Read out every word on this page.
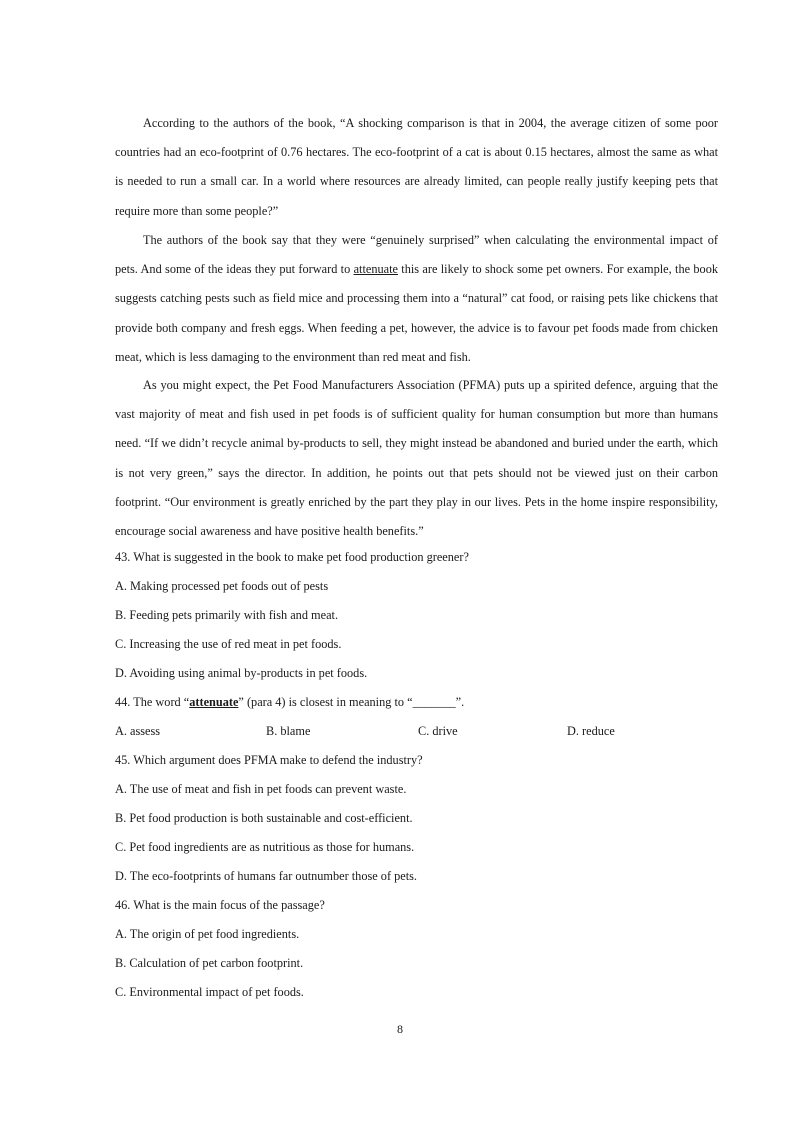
According to the authors of the book, “A shocking comparison is that in 2004, the average citizen of some poor countries had an eco-footprint of 0.76 hectares. The eco-footprint of a cat is about 0.15 hectares, almost the same as what is needed to run a small car. In a world where resources are already limited, can people really justify keeping pets that require more than some people?”

The authors of the book say that they were “genuinely surprised” when calculating the environmental impact of pets. And some of the ideas they put forward to attenuate this are likely to shock some pet owners. For example, the book suggests catching pests such as field mice and processing them into a “natural” cat food, or raising pets like chickens that provide both company and fresh eggs. When feeding a pet, however, the advice is to favour pet foods made from chicken meat, which is less damaging to the environment than red meat and fish.

As you might expect, the Pet Food Manufacturers Association (PFMA) puts up a spirited defence, arguing that the vast majority of meat and fish used in pet foods is of sufficient quality for human consumption but more than humans need. “If we didn’t recycle animal by-products to sell, they might instead be abandoned and buried under the earth, which is not very green,” says the director. In addition, he points out that pets should not be viewed just on their carbon footprint. “Our environment is greatly enriched by the part they play in our lives. Pets in the home inspire responsibility, encourage social awareness and have positive health benefits.”

43. What is suggested in the book to make pet food production greener?

A. Making processed pet foods out of pests

B. Feeding pets primarily with fish and meat.

C. Increasing the use of red meat in pet foods.

D. Avoiding using animal by-products in pet foods.

44. The word “attenuate” (para 4) is closest in meaning to “_______”.

A. assess	B. blame	C. drive	D. reduce

45. Which argument does PFMA make to defend the industry?

A. The use of meat and fish in pet foods can prevent waste.

B. Pet food production is both sustainable and cost-efficient.

C. Pet food ingredients are as nutritious as those for humans.

D. The eco-footprints of humans far outnumber those of pets.

46. What is the main focus of the passage?

A. The origin of pet food ingredients.

B. Calculation of pet carbon footprint.

C. Environmental impact of pet foods.

8
